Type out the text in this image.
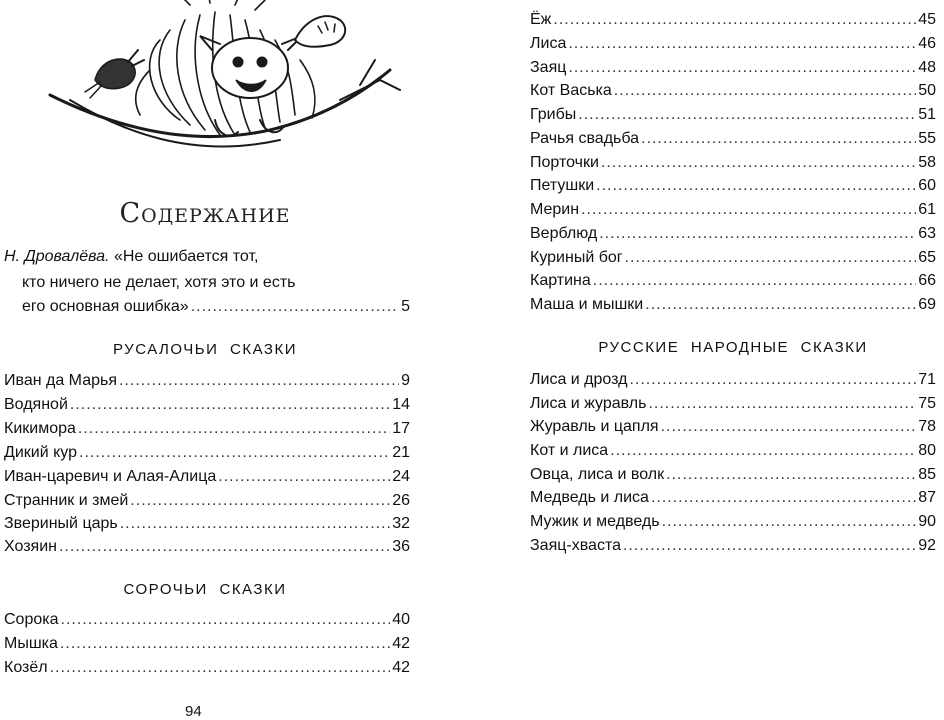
Содержание
Н. Дровалёва. «Не ошибается тот,
кто ничего не делает, хотя это и есть
его основная ошибка» .....	5
РУСАЛОЧЬИ СКАЗКИ
Иван да Марья .....	9
Водяной .....	14
Кикимора .....	17
Дикий кур .....	21
Иван-царевич и Алая-Алица .....	24
Странник и змей .....	26
Звериный царь .....	32
Хозяин .....	36
СОРОЧЬИ СКАЗКИ
Сорока .....	40
Мышка .....	42
Козёл .....	42
94
Ёж .....	45
Лиса .....	46
Заяц .....	48
Кот Васька .....	50
Грибы .....	51
Рачья свадьба .....	55
Порточки .....	58
Петушки .....	60
Мерин .....	61
Верблюд .....	63
Куриный бог .....	65
Картина .....	66
Маша и мышки .....	69
РУССКИЕ НАРОДНЫЕ СКАЗКИ
Лиса и дрозд .....	71
Лиса и журавль .....	75
Журавль и цапля .....	78
Кот и лиса .....	80
Овца, лиса и волк .....	85
Медведь и лиса .....	87
Мужик и медведь .....	90
Заяц-хваста .....	92
